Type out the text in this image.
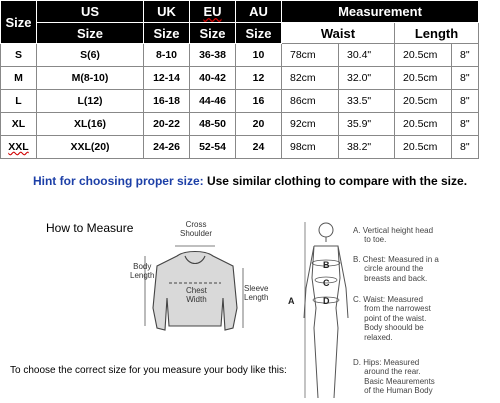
Size	US	UK	EU	AU	Measurement			
	Size	Size	Size	Size	Waist		Length	
S	S(6)	8-10	36-38	10	78cm	30.4"	20.5cm	8"
M	M(8-10)	12-14	40-42	12	82cm	32.0"	20.5cm	8"
L	L(12)	16-18	44-46	16	86cm	33.5"	20.5cm	8"
XL	XL(16)	20-22	48-50	20	92cm	35.9"	20.5cm	8"
XXL	XXL(20)	24-26	52-54	24	98cm	38.2"	20.5cm	8"
Hint for choosing proper size: Use similar clothing to compare with the size.
How to Measure	Cross
Shoulder
Body
Length
Chest
Width
Sleeve
Length
To choose the correct size for you measure your body like this:
A
B
C
D
A. Vertical height head
to toe.
B. Chest: Measured in a
circle around the
breasts and back.
C. Waist: Measured
from the narrowest
point of the waist.
Body shoould be
relaxed.
D. Hips: Measured
around the rear.
Basic Meaurements
of the Human Body
